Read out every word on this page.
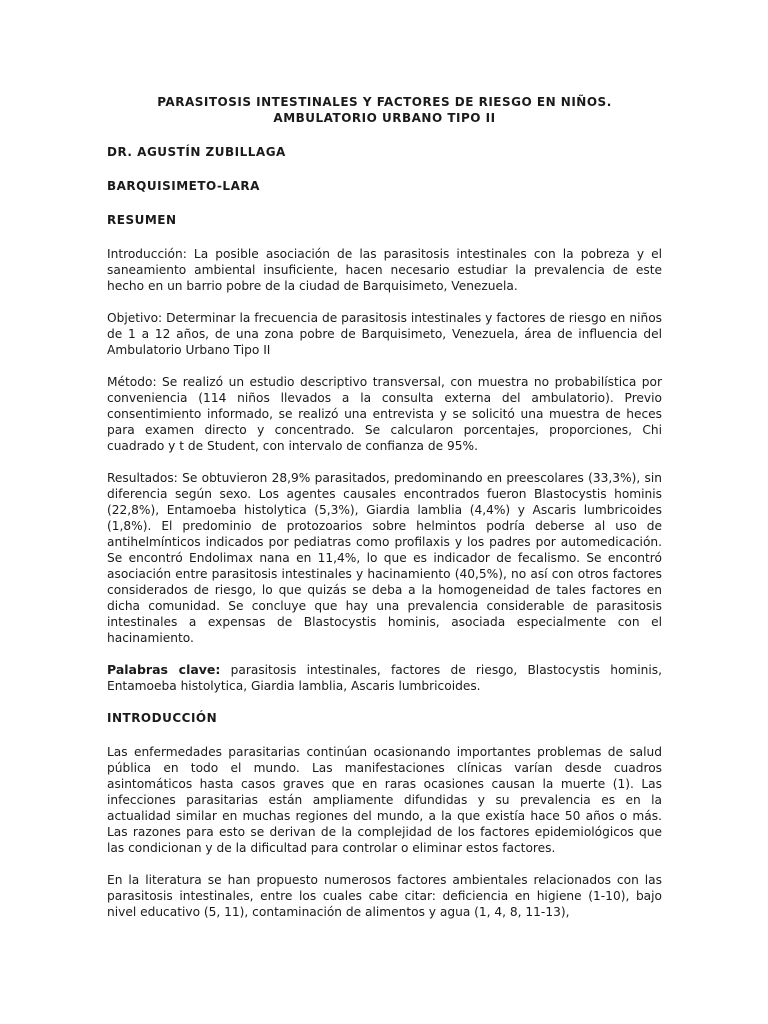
PARASITOSIS INTESTINALES Y FACTORES DE RIESGO EN NIÑOS.
AMBULATORIO URBANO TIPO II
DR. AGUSTÍN ZUBILLAGA
BARQUISIMETO-LARA
RESUMEN

Introducción: La posible asociación de las parasitosis intestinales con la pobreza y el saneamiento ambiental insuficiente, hacen necesario estudiar la prevalencia de este hecho en un barrio pobre de la ciudad de Barquisimeto, Venezuela.

Objetivo: Determinar la frecuencia de parasitosis intestinales y factores de riesgo en niños de 1 a 12 años, de una zona pobre de Barquisimeto, Venezuela, área de influencia del Ambulatorio Urbano Tipo II

Método: Se realizó un estudio descriptivo transversal, con muestra no probabilística por conveniencia (114 niños llevados a la consulta externa del ambulatorio). Previo consentimiento informado, se realizó una entrevista y se solicitó una muestra de heces para examen directo y concentrado. Se calcularon porcentajes, proporciones, Chi cuadrado y t de Student, con intervalo de confianza de 95%.

Resultados: Se obtuvieron 28,9% parasitados, predominando en preescolares (33,3%), sin diferencia según sexo. Los agentes causales encontrados fueron Blastocystis hominis (22,8%), Entamoeba histolytica (5,3%), Giardia lamblia (4,4%) y Ascaris lumbricoides (1,8%). El predominio de protozoarios sobre helmintos podría deberse al uso de antihelmínticos indicados por pediatras como profilaxis y los padres por automedicación. Se encontró Endolimax nana en 11,4%, lo que es indicador de fecalismo. Se encontró asociación entre parasitosis intestinales y hacinamiento (40,5%), no así con otros factores considerados de riesgo, lo que quizás se deba a la homogeneidad de tales factores en dicha comunidad. Se concluye que hay una prevalencia considerable de parasitosis intestinales a expensas de Blastocystis hominis, asociada especialmente con el hacinamiento.

Palabras clave: parasitosis intestinales, factores de riesgo, Blastocystis hominis, Entamoeba histolytica, Giardia lamblia, Ascaris lumbricoides.

INTRODUCCIÓN

Las enfermedades parasitarias continúan ocasionando importantes problemas de salud pública en todo el mundo. Las manifestaciones clínicas varían desde cuadros asintomáticos hasta casos graves que en raras ocasiones causan la muerte (1). Las infecciones parasitarias están ampliamente difundidas y su prevalencia es en la actualidad similar en muchas regiones del mundo, a la que existía hace 50 años o más. Las razones para esto se derivan de la complejidad de los factores epidemiológicos que las condicionan y de la dificultad para controlar o eliminar estos factores.

En la literatura se han propuesto numerosos factores ambientales relacionados con las parasitosis intestinales, entre los cuales cabe citar: deficiencia en higiene (1-10), bajo nivel educativo (5, 11), contaminación de alimentos y agua (1, 4, 8, 11-13),
